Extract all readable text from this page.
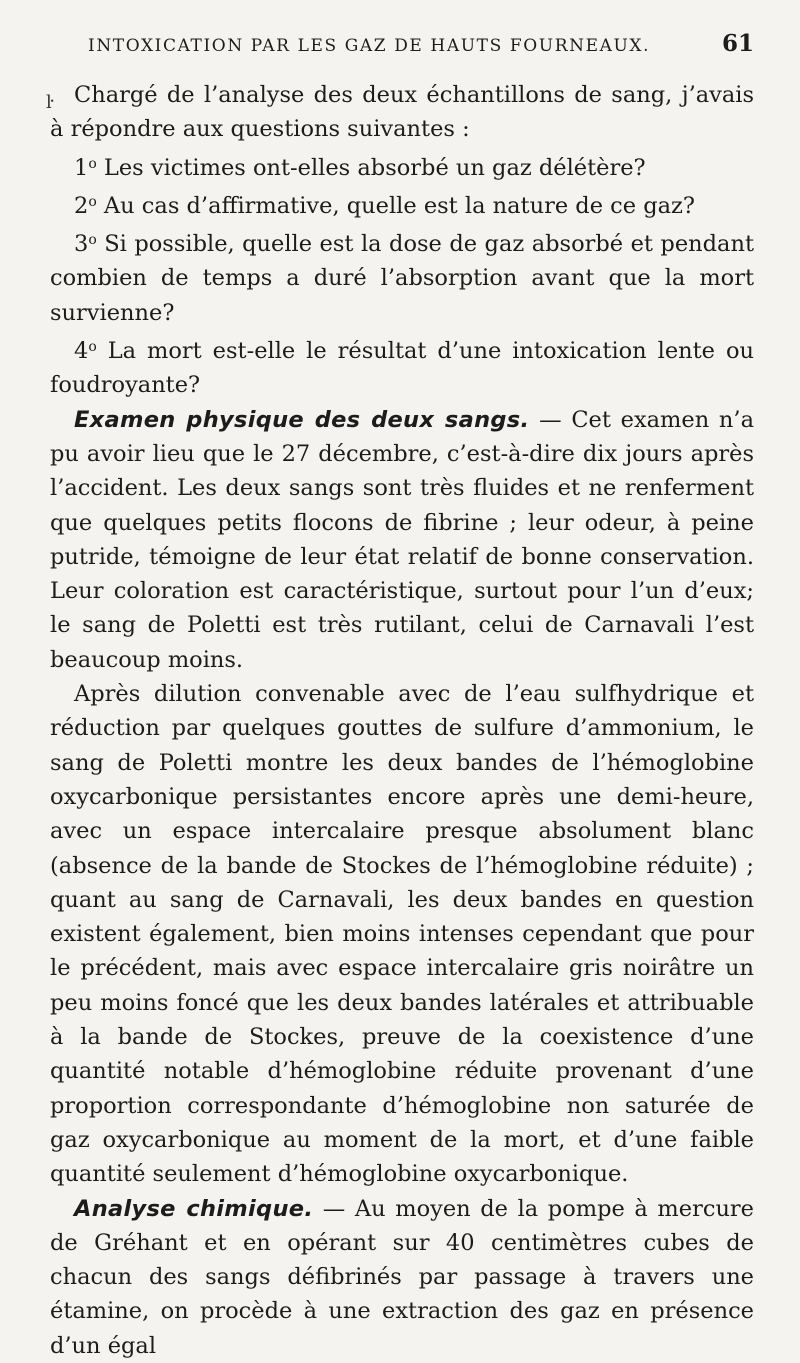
INTOXICATION PAR LES GAZ DE HAUTS FOURNEAUX.	61
ŀ Chargé de l’analyse des deux échantillons de sang, j’avais à répondre aux questions suivantes :

1$^o$ Les victimes ont-elles absorbé un gaz délétère?

2$^o$ Au cas d’affirmative, quelle est la nature de ce gaz?

3$^o$ Si possible, quelle est la dose de gaz absorbé et pendant combien de temps a duré l’absorption avant que la mort survienne?

4$^o$ La mort est-elle le résultat d’une intoxication lente ou foudroyante?

Examen physique des deux sangs. — Cet examen n’a pu avoir lieu que le 27 décembre, c’est-à-dire dix jours après l’accident. Les deux sangs sont très fluides et ne renferment que quelques petits flocons de fibrine ; leur odeur, à peine putride, témoigne de leur état relatif de bonne conservation. Leur coloration est caractéristique, surtout pour l’un d’eux; le sang de Poletti est très rutilant, celui de Carnavali l’est beaucoup moins.

Après dilution convenable avec de l’eau sulfhydrique et réduction par quelques gouttes de sulfure d’ammonium, le sang de Poletti montre les deux bandes de l’hémoglobine oxycarbonique persistantes encore après une demi-heure, avec un espace intercalaire presque absolument blanc (absence de la bande de Stockes de l’hémoglobine réduite) ; quant au sang de Carnavali, les deux bandes en question existent également, bien moins intenses cependant que pour le précédent, mais avec espace intercalaire gris noirâtre un peu moins foncé que les deux bandes latérales et attribuable à la bande de Stockes, preuve de la coexistence d’une quantité notable d’hémoglobine réduite provenant d’une proportion correspondante d’hémoglobine non saturée de gaz oxycarbonique au moment de la mort, et d’une faible quantité seulement d’hémoglobine oxycarbonique.

Analyse chimique. — Au moyen de la pompe à mercure de Gréhant et en opérant sur 40 centimètres cubes de chacun des sangs défibrinés par passage à travers une étamine, on procède à une extraction des gaz en présence d’un égal
